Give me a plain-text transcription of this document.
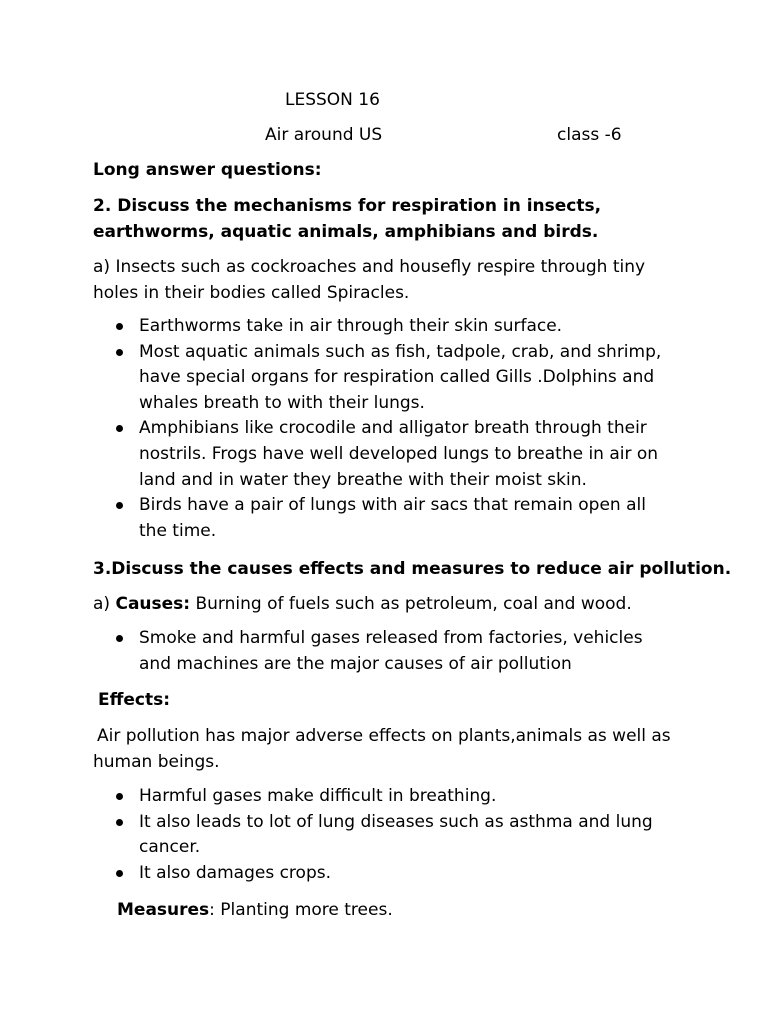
LESSON 16
Air around US	class -6
Long answer questions:
2. Discuss the mechanisms for respiration in insects, earthworms, aquatic animals, amphibians and birds.
a) Insects such as cockroaches and housefly respire through tiny holes in their bodies called Spiracles.
Earthworms take in air through their skin surface.
Most aquatic animals such as fish, tadpole, crab, and shrimp, have special organs for respiration called Gills .Dolphins and whales breath to with their lungs.
Amphibians like crocodile and alligator breath through their nostrils. Frogs have well developed lungs to breathe in air on land and in water they breathe with their moist skin.
Birds have a pair of lungs with air sacs that remain open all the time.
3.Discuss the causes effects and measures to reduce air pollution.
a) Causes: Burning of fuels such as petroleum, coal and wood.
Smoke and harmful gases released from factories, vehicles and machines are the major causes of air pollution
Effects:
Air pollution has major adverse effects on plants,animals as well as human beings.
Harmful gases make difficult in breathing.
It also leads to lot of lung diseases such as asthma and lung cancer.
It also damages crops.
Measures: Planting more trees.
